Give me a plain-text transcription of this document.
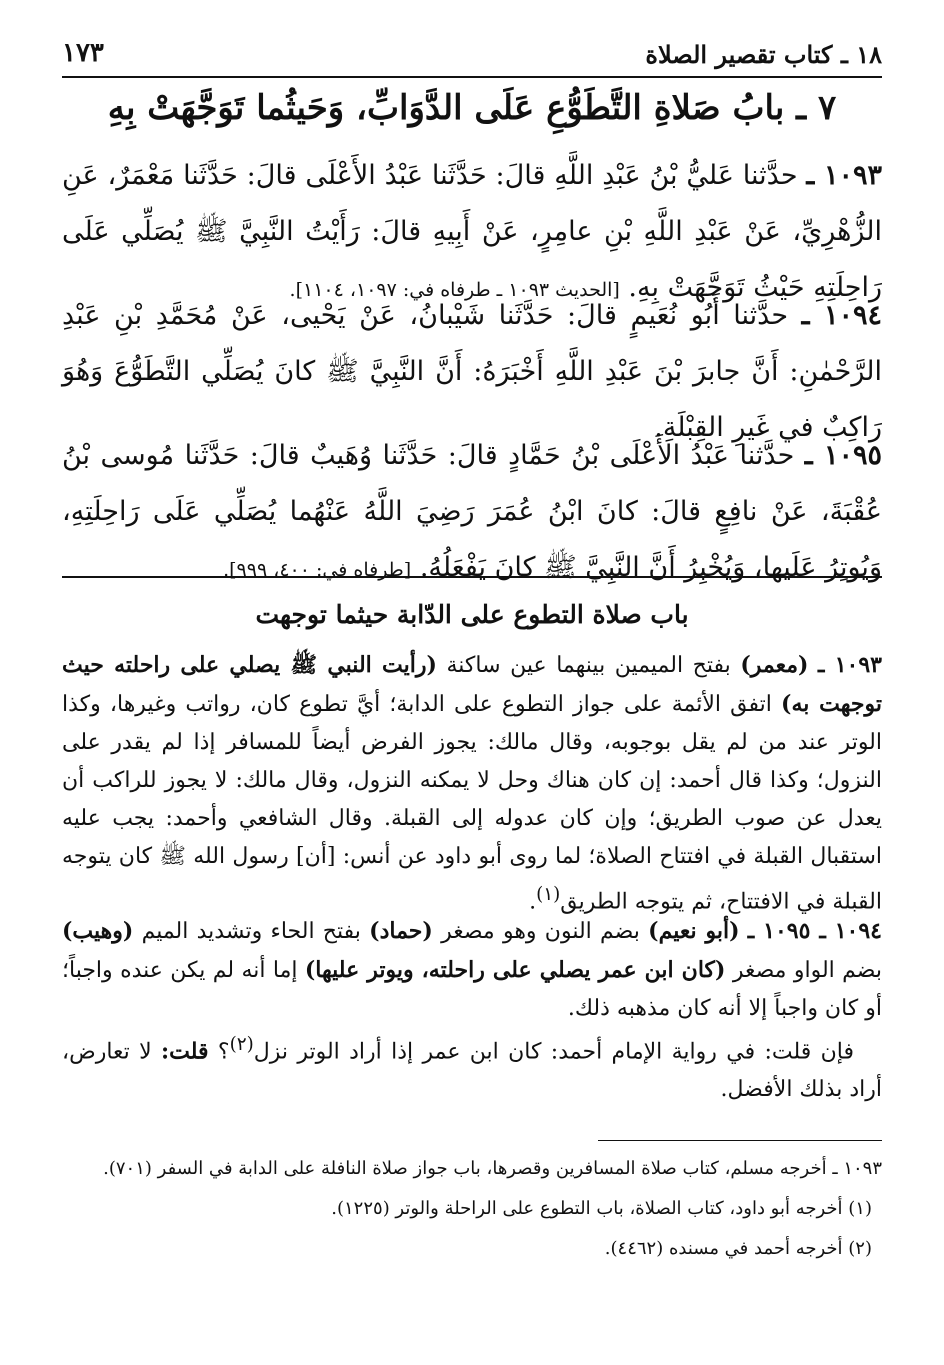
١٨ ـ كتاب تقصير الصلاة
١٧٣
٧ ـ بابُ صَلاةِ التَّطَوُّعِ عَلَى الدَّوَابِّ، وَحَيثُما تَوَجَّهَتْ بِهِ
١٠٩٣ ـ حدَّثنا عَليُّ بْنُ عَبْدِ اللَّهِ قالَ: حَدَّثَنا عَبْدُ الأَعْلَى قالَ: حَدَّثَنا مَعْمَرٌ، عَنِ الزُّهْرِيِّ، عَنْ عَبْدِ اللَّهِ بْنِ عامِرٍ، عَنْ أَبِيهِ قالَ: رَأَيْتُ النَّبِيَّ ﷺ يُصَلِّي عَلَى رَاحِلَتِهِ حَيْثُ تَوَجَّهَتْ بِهِ. [الحديث ١٠٩٣ ـ طرفاه في: ١٠٩٧، ١١٠٤].
١٠٩٤ ـ حدَّثنا أَبُو نُعَيمٍ قالَ: حَدَّثَنا شَيْبانُ، عَنْ يَحْيى، عَنْ مُحَمَّدِ بْنِ عَبْدِ الرَّحْمٰنِ: أَنَّ جابرَ بْنَ عَبْدِ اللَّهِ أَخْبَرَهُ: أَنَّ النَّبِيَّ ﷺ كانَ يُصَلِّي التَّطَوُّعَ وَهُوَ رَاكِبٌ في غَيرِ القِبْلَةِ.
١٠٩٥ ـ حدَّثنا عَبْدُ الأَعْلَى بْنُ حَمَّادٍ قالَ: حَدَّثَنا وُهَيبٌ قالَ: حَدَّثَنا مُوسى بْنُ عُقْبَةَ، عَنْ نافِعٍ قالَ: كانَ ابْنُ عُمَرَ رَضِيَ اللَّهُ عَنْهُما يُصَلِّي عَلَى رَاحِلَتِهِ، وَيُوتِرُ عَلَيها، وَيُخْبِرُ أَنَّ النَّبِيَّ ﷺ كانَ يَفْعَلُهُ. [طرفاه في: ٤٠٠، ٩٩٩].
باب صلاة التطوع على الدّابة حيثما توجهت
١٠٩٣ ـ (معمر) بفتح الميمين بينهما عين ساكنة (رأيت النبي ﷺ يصلي على راحلته حيث توجهت به) اتفق الأئمة على جواز التطوع على الدابة؛ أيَّ تطوع كان، رواتب وغيرها، وكذا الوتر عند من لم يقل بوجوبه، وقال مالك: يجوز الفرض أيضاً للمسافر إذا لم يقدر على النزول؛ وكذا قال أحمد: إن كان هناك وحل لا يمكنه النزول، وقال مالك: لا يجوز للراكب أن يعدل عن صوب الطريق؛ وإن كان عدوله إلى القبلة. وقال الشافعي وأحمد: يجب عليه استقبال القبلة في افتتاح الصلاة؛ لما روى أبو داود عن أنس: [أن] رسول الله ﷺ كان يتوجه القبلة في الافتتاح، ثم يتوجه الطريق$^{(١)}$.
١٠٩٤ ـ ١٠٩٥ ـ (أبو نعيم) بضم النون وهو مصغر (حماد) بفتح الحاء وتشديد الميم (وهيب) بضم الواو مصغر (كان ابن عمر يصلي على راحلته، ويوتر عليها) إما أنه لم يكن عنده واجباً؛ أو كان واجباً إلا أنه كان مذهبه ذلك.
فإن قلت: في رواية الإمام أحمد: كان ابن عمر إذا أراد الوتر نزل$^{(٢)}$؟ قلت: لا تعارض، أراد بذلك الأفضل.
١٠٩٣ ـ أخرجه مسلم، كتاب صلاة المسافرين وقصرها، باب جواز صلاة النافلة على الدابة في السفر (٧٠١).
(١) أخرجه أبو داود، كتاب الصلاة، باب التطوع على الراحلة والوتر (١٢٢٥).
(٢) أخرجه أحمد في مسنده (٤٤٦٢).
